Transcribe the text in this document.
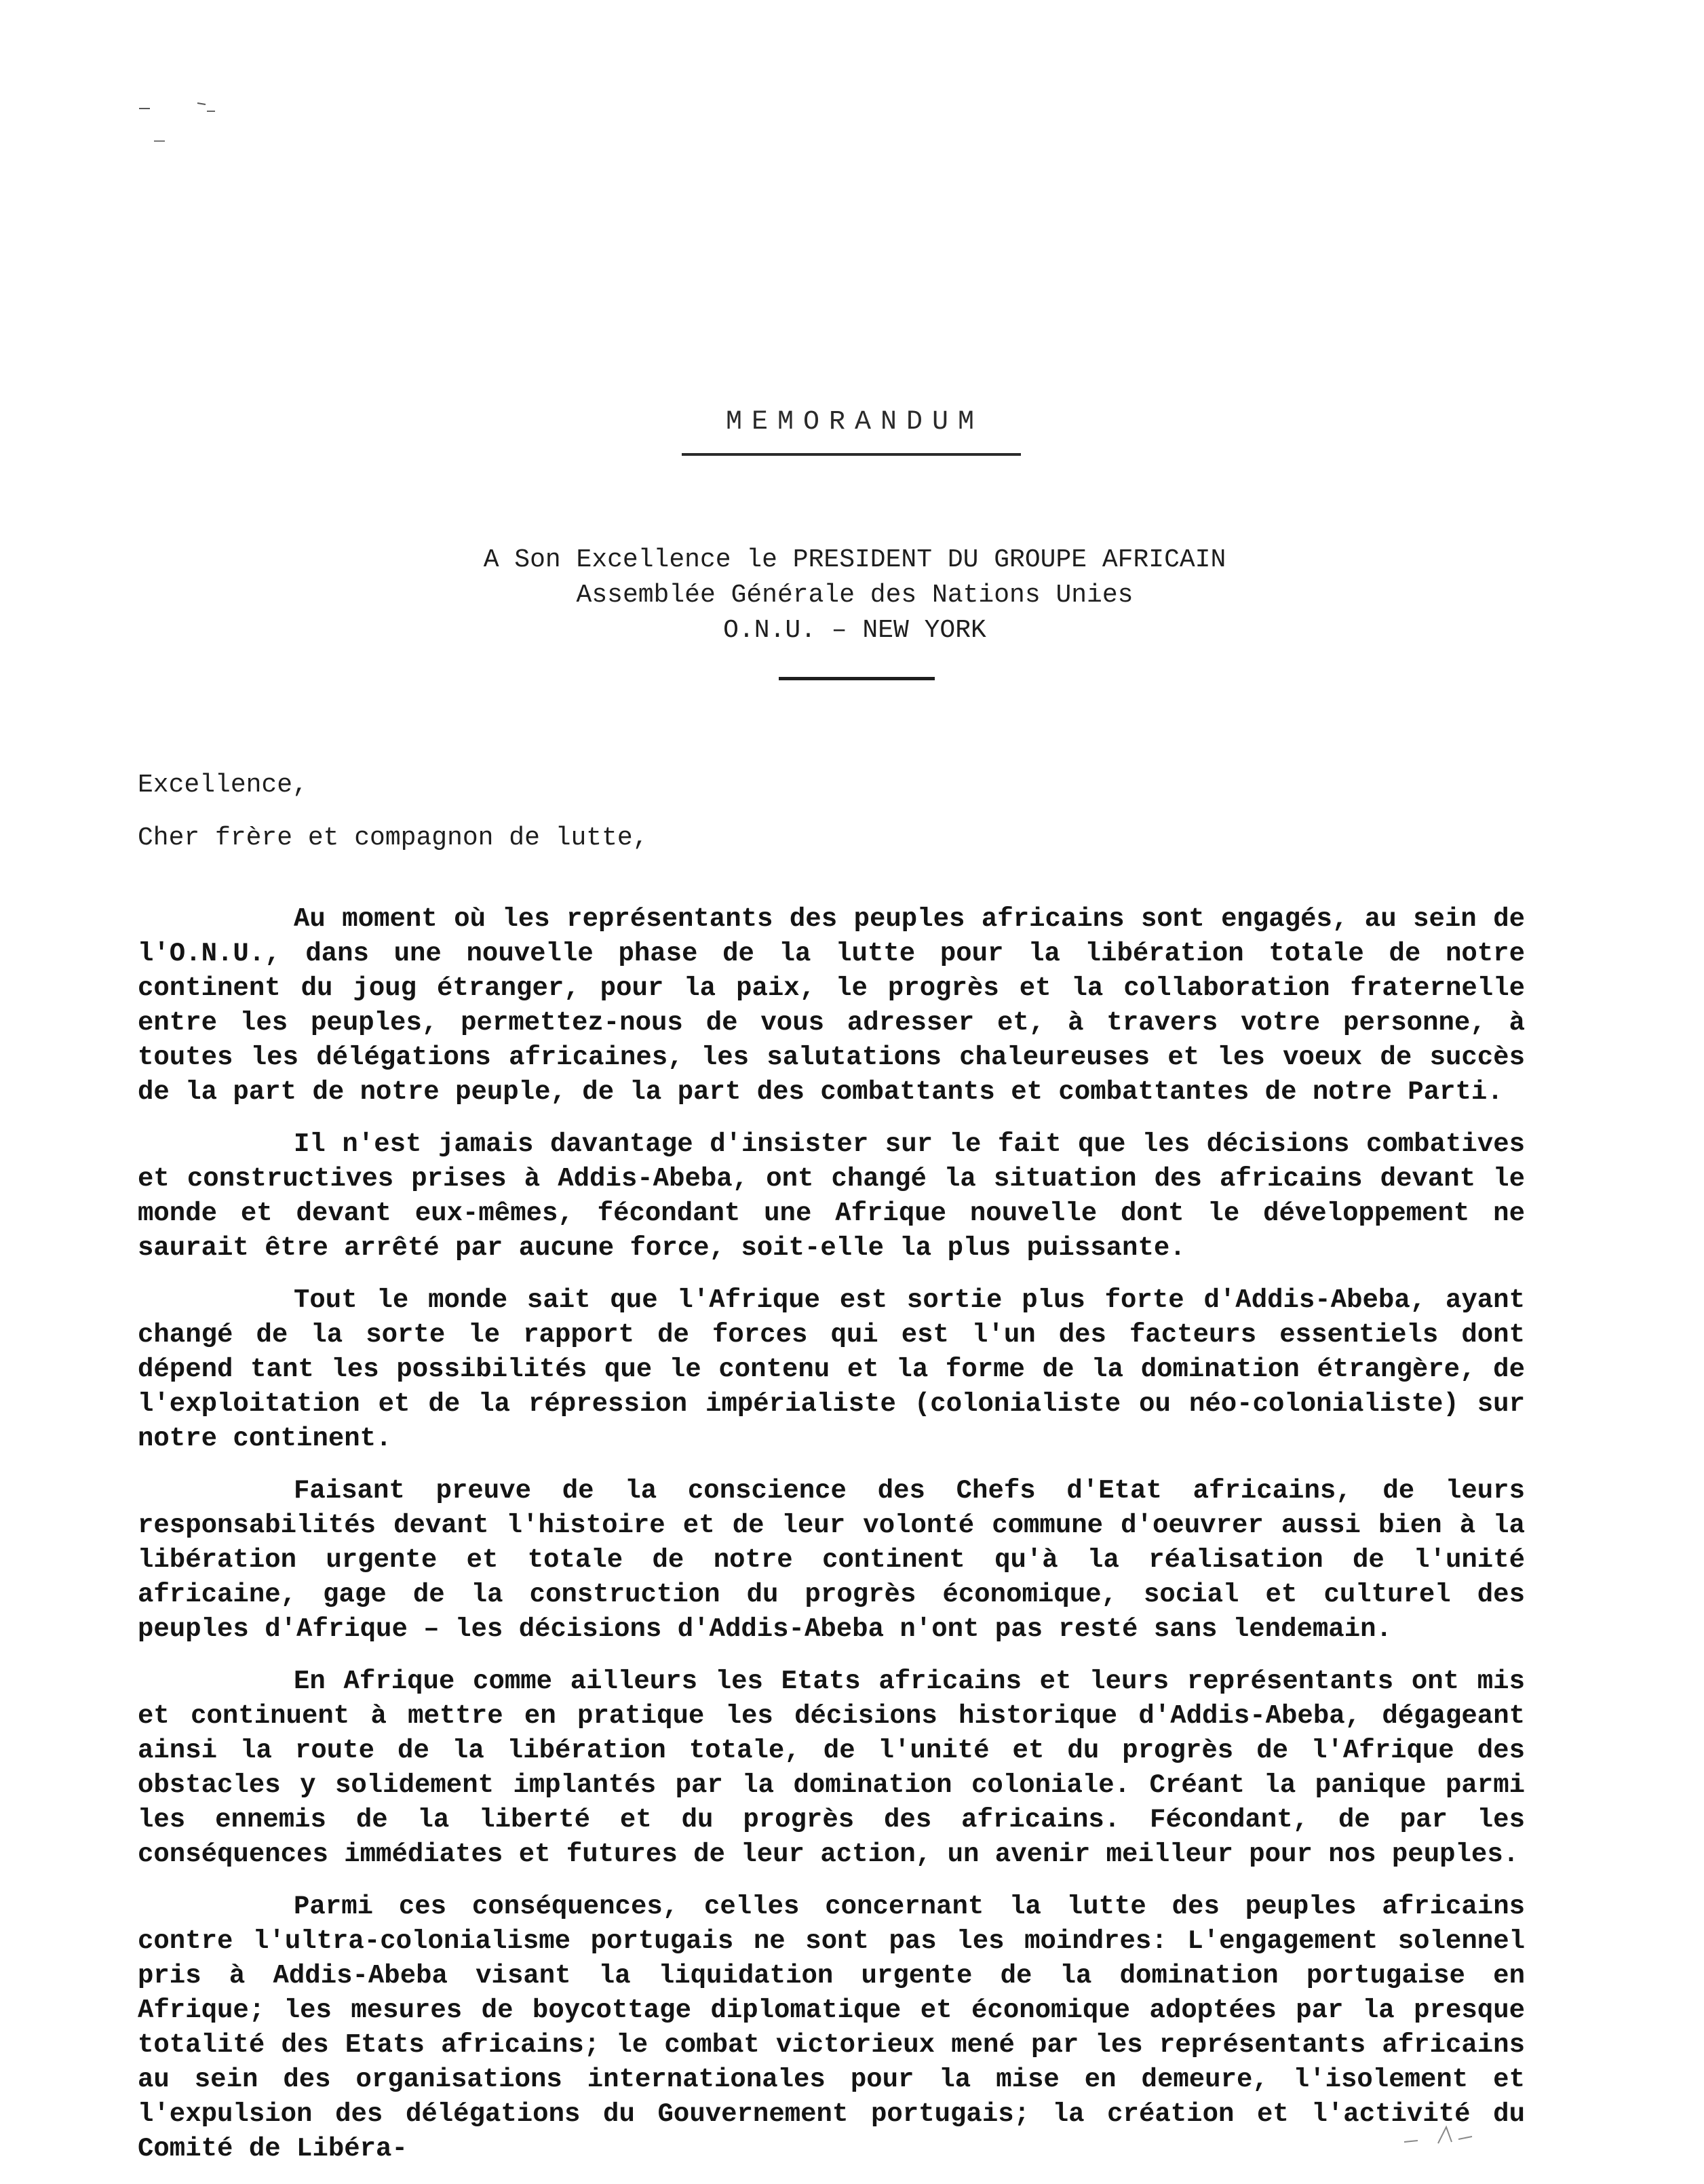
MEMORANDUM
A Son Excellence le PRESIDENT DU GROUPE AFRICAIN
Assemblée Générale des Nations Unies
O.N.U. – NEW YORK
Excellence,
Cher frère et compagnon de lutte,

Au moment où les représentants des peuples africains sont engagés, au sein de l'O.N.U., dans une nouvelle phase de la lutte pour la libération totale de notre continent du joug étranger, pour la paix, le progrès et la collaboration fraternelle entre les peuples, permettez-nous de vous adresser et, à travers votre personne, à toutes les délégations africaines, les salutations chaleureuses et les voeux de succès de la part de notre peuple, de la part des combattants et combattantes de notre Parti.

Il n'est jamais davantage d'insister sur le fait que les décisions combatives et constructives prises à Addis-Abeba, ont changé la situation des africains devant le monde et devant eux-mêmes, fécondant une Afrique nouvelle dont le développement ne saurait être arrêté par aucune force, soit-elle la plus puissante.

Tout le monde sait que l'Afrique est sortie plus forte d'Addis-Abeba, ayant changé de la sorte le rapport de forces qui est l'un des facteurs essentiels dont dépend tant les possibilités que le contenu et la forme de la domination étrangère, de l'exploitation et de la répression impérialiste (colonialiste ou néo-colonialiste) sur notre continent.

Faisant preuve de la conscience des Chefs d'Etat africains, de leurs responsabilités devant l'histoire et de leur volonté commune d'oeuvrer aussi bien à la libération urgente et totale de notre continent qu'à la réalisation de l'unité africaine, gage de la construction du progrès économique, social et culturel des peuples d'Afrique – les décisions d'Addis-Abeba n'ont pas resté sans lendemain.

En Afrique comme ailleurs les Etats africains et leurs représentants ont mis et continuent à mettre en pratique les décisions historique d'Addis-Abeba, dégageant ainsi la route de la libération totale, de l'unité et du progrès de l'Afrique des obstacles y solidement implantés par la domination coloniale. Créant la panique parmi les ennemis de la liberté et du progrès des africains. Fécondant, de par les conséquences immédiates et futures de leur action, un avenir meilleur pour nos peuples.

Parmi ces conséquences, celles concernant la lutte des peuples africains contre l'ultra-colonialisme portugais ne sont pas les moindres: L'engagement solennel pris à Addis-Abeba visant la liquidation urgente de la domination portugaise en Afrique; les mesures de boycottage diplomatique et économique adoptées par la presque totalité des Etats africains; le combat victorieux mené par les représentants africains au sein des organisations internationales pour la mise en demeure, l'isolement et l'expulsion des délégations du Gouvernement portugais; la création et l'activité du Comité de Libéra-
